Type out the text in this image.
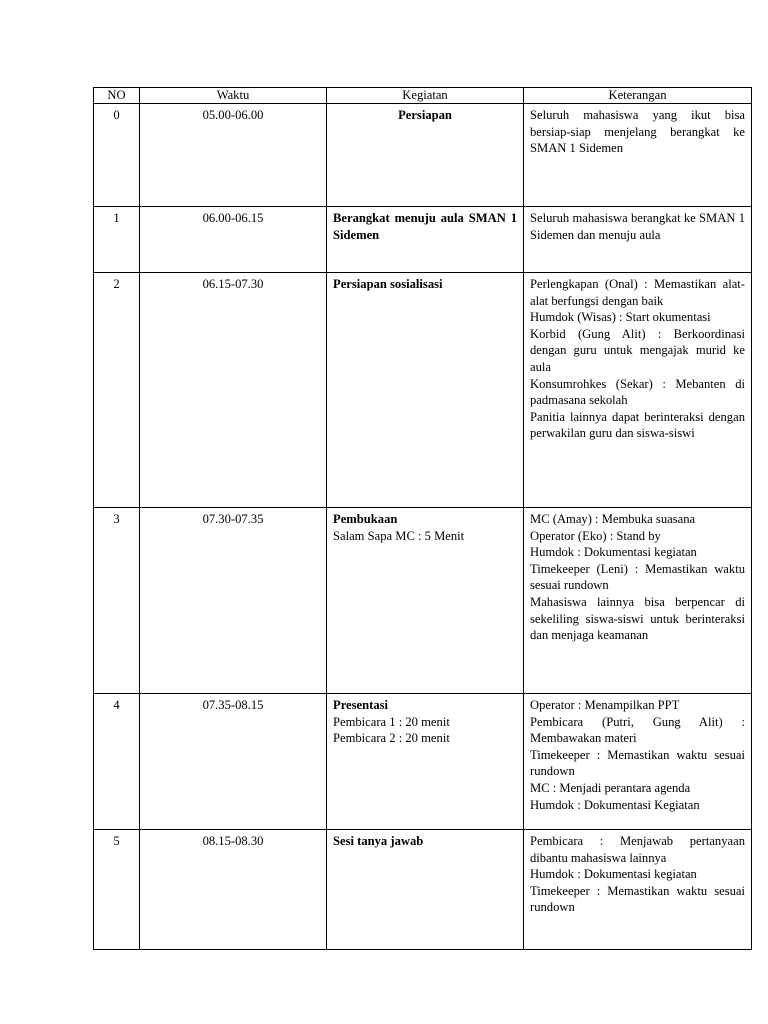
NO	Waktu	Kegiatan	Keterangan
0	05.00-06.00	Persiapan	Seluruh mahasiswa yang ikut bisa bersiap-siap menjelang berangkat ke SMAN 1 Sidemen

1	06.00-06.15	Berangkat menuju aula SMAN 1 Sidemen	Seluruh mahasiswa berangkat ke SMAN 1 Sidemen dan menuju aula

2	06.15-07.30	Persiapan sosialisasi	Perlengkapan (Onal) : Memastikan alat-alat berfungsi dengan baik
Humdok (Wisas) : Start okumentasi
Korbid (Gung Alit) : Berkoordinasi dengan guru untuk mengajak murid ke aula
Konsumrohkes (Sekar) : Mebanten di padmasana sekolah
Panitia lainnya dapat berinteraksi dengan perwakilan guru dan siswa-siswi

3	07.30-07.35	Pembukaan
Salam Sapa MC : 5 Menit	MC (Amay) : Membuka suasana
Operator (Eko) : Stand by
Humdok : Dokumentasi kegiatan
Timekeeper (Leni) : Memastikan waktu sesuai rundown
Mahasiswa lainnya bisa berpencar di sekeliling siswa-siswi untuk berinteraksi dan menjaga keamanan

4	07.35-08.15	Presentasi
Pembicara 1 : 20 menit
Pembicara 2 : 20 menit	Operator : Menampilkan PPT
Pembicara (Putri, Gung Alit) : Membawakan materi
Timekeeper : Memastikan waktu sesuai rundown
MC : Menjadi perantara agenda
Humdok : Dokumentasi Kegiatan

5	08.15-08.30	Sesi tanya jawab	Pembicara : Menjawab pertanyaan dibantu mahasiswa lainnya
Humdok : Dokumentasi kegiatan
Timekeeper : Memastikan waktu sesuai rundown
